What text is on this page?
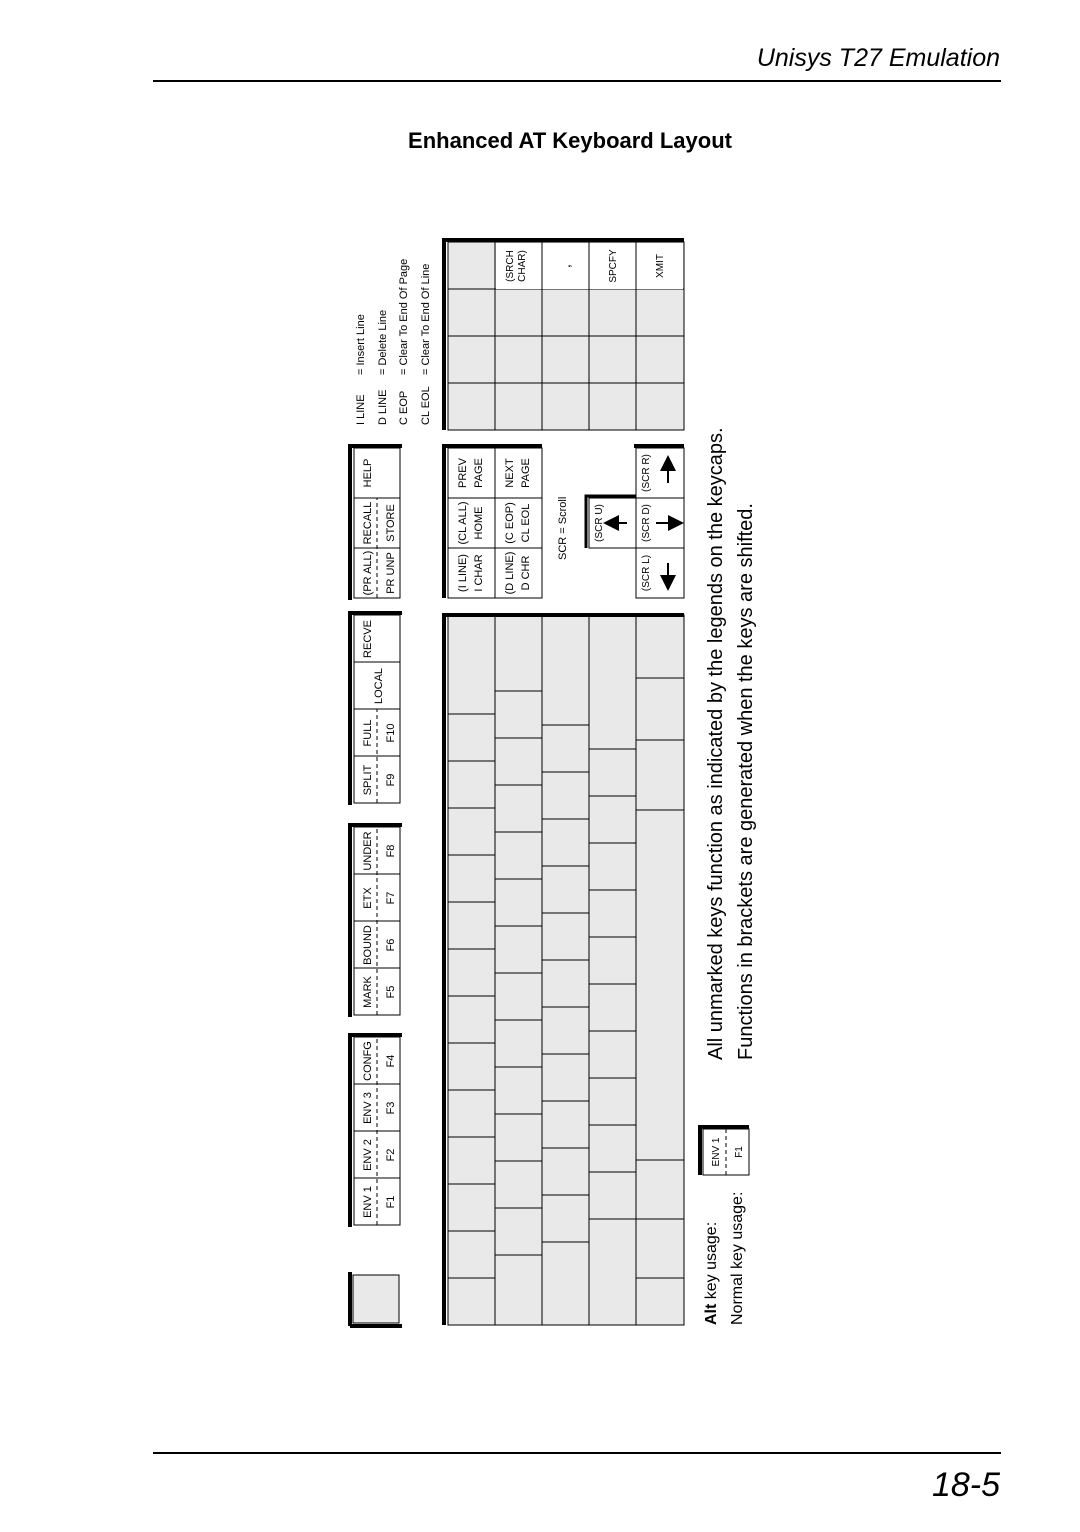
Unisys T27 Emulation
Enhanced AT Keyboard Layout
ENV 1 F1
ENV 2 F2
ENV 3 F3
CONFG F4
MARK F5
BOUND F6
ETX F7
UNDER F8
SPLIT F9
FULL F10
LOCAL
RECVE
(PR ALL) PR UNP
RECALL STORE
HELP
I LINE
= Insert Line
D LINE
= Delete Line
C EOP
= Clear To End Of Page
CL EOL
= Clear To End Of Line
(I LINE) I CHAR
(CL ALL) HOME
PREV PAGE
(D LINE) D CHR
(C EOP) CL EOL
NEXT PAGE
SCR = Scroll	(SCR U)
(SCR L)
(SCR D)
(SCR R)
(SRCH CHAR) ,	SPCFY	XMIT
Alt key usage: Normal key usage:
ENV 1 F1
All unmarked keys function as indicated by the legends on the keycaps. Functions in brackets are generated when the keys are shifted.
18-5
